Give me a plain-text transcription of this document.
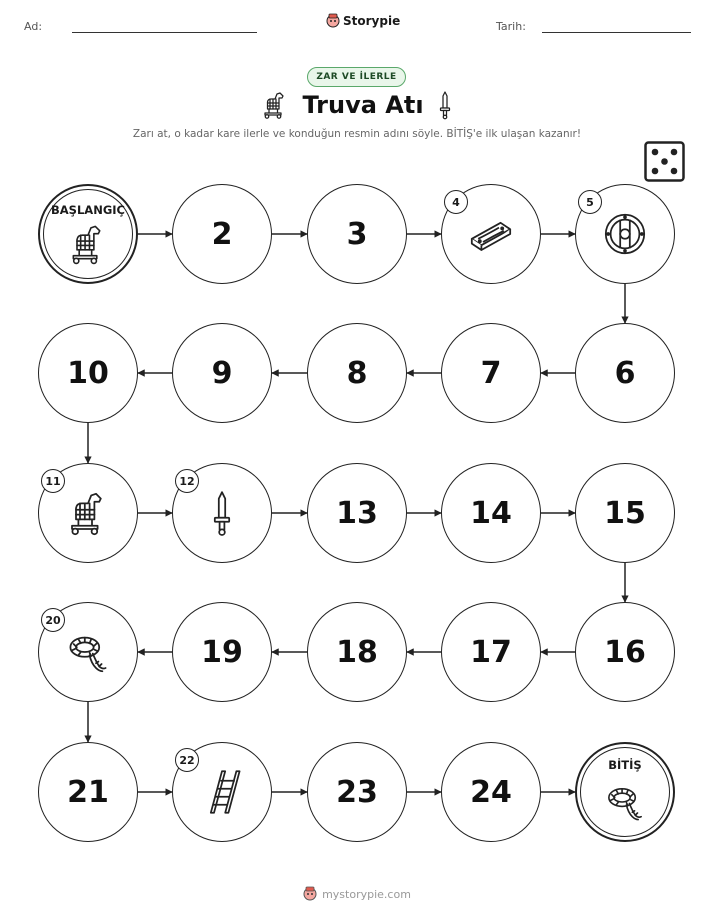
Ad:	Storypie	Tarih:
ZAR VE İLERLE
Truva Atı
Zarı at, o kadar kare ilerle ve konduğun resmin adını söyle. BİTİŞ'e ilk ulaşan kazanır!
BAŞLANGIÇ
2	3
4	5
6
7
8
9
10
11	12
13	14	15
16
17
18
19
20
21
22
23	24
BİTİŞ
mystorypie.com
